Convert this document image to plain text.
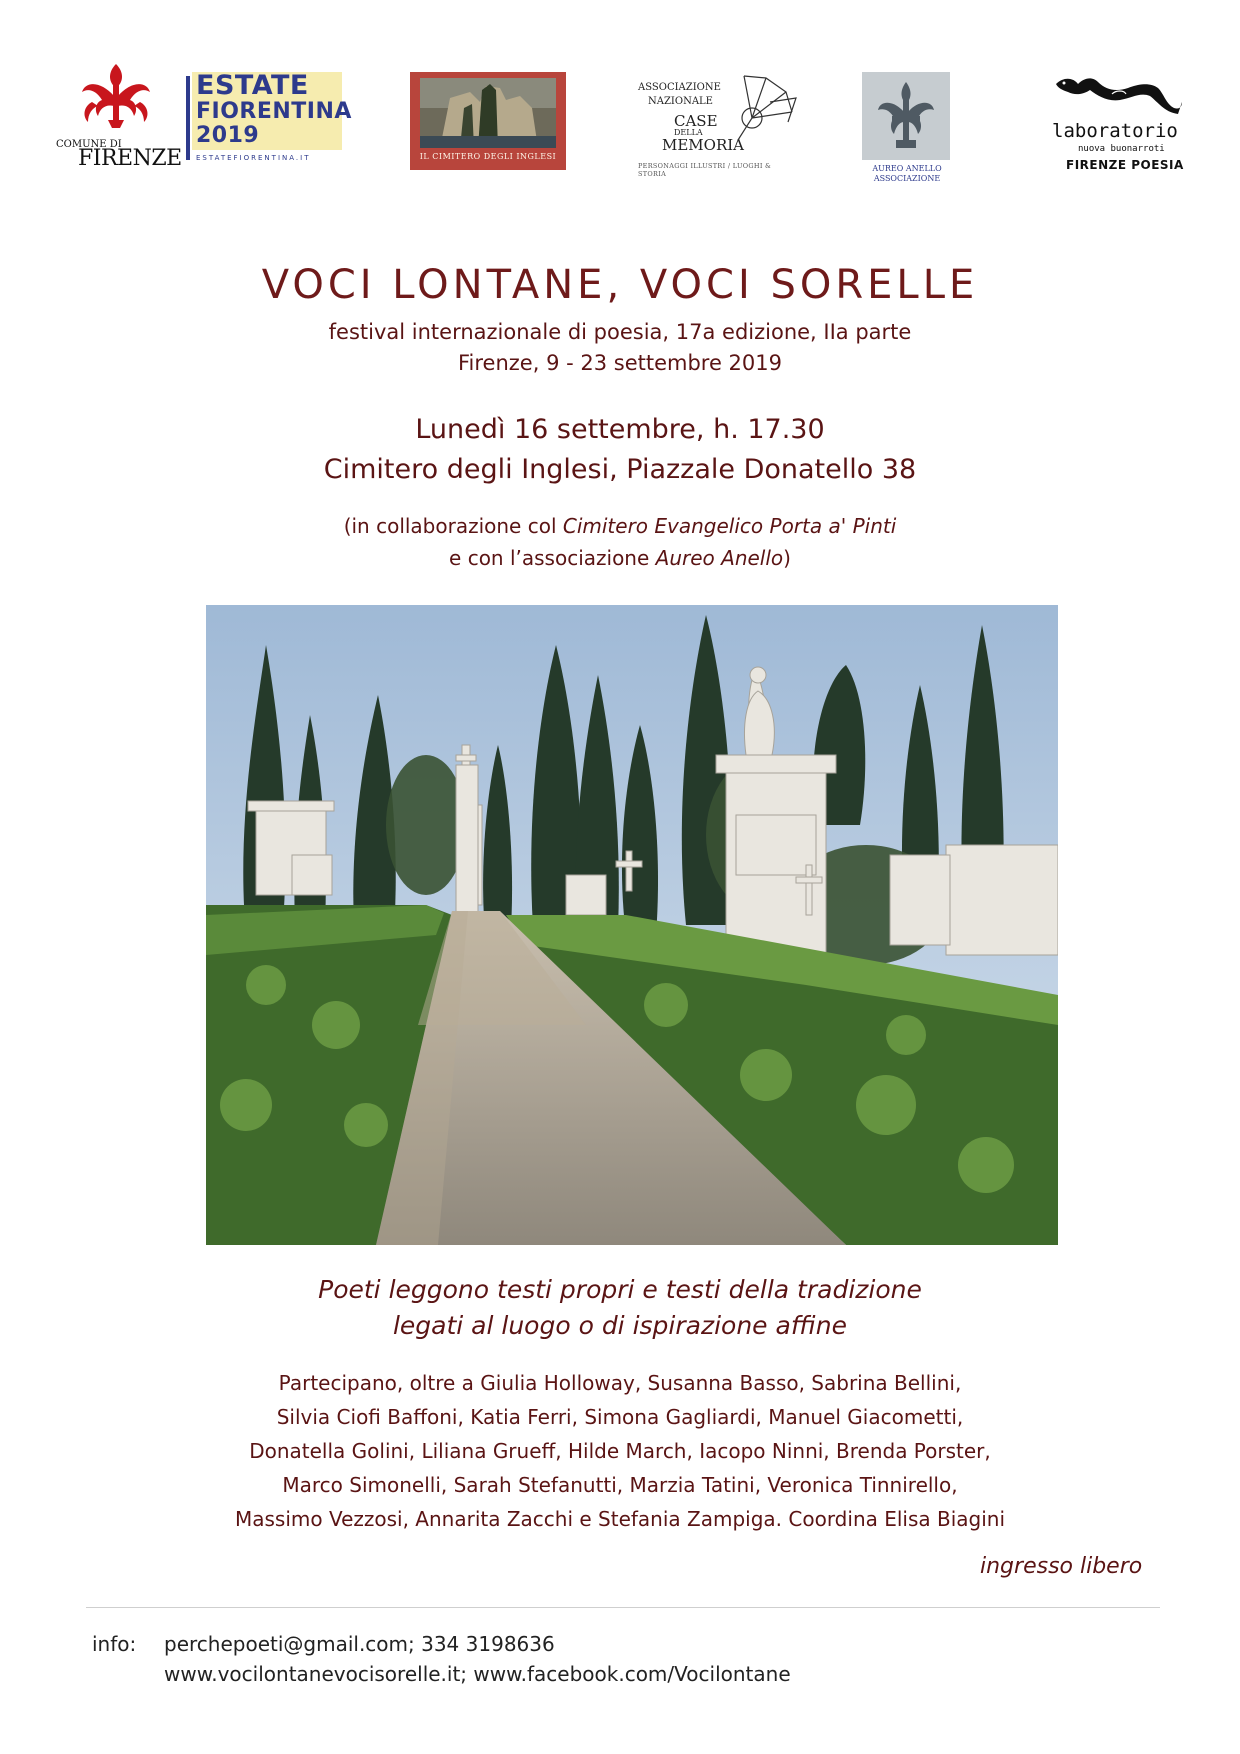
COMUNE DI
FIRENZE
ESTATE
FIORENTINA
2019
ESTATEFIORENTINA.IT	IL CIMITERO DEGLI INGLESI
ASSOCIAZIONE
NAZIONALE
CASE
DELLA
MEMORIA
PERSONAGGI ILLUSTRI / LUOGHI & STORIA
AUREO ANELLO
ASSOCIAZIONE
laboratorio
nuova buonarroti
FIRENZE POESIA
VOCI LONTANE, VOCI SORELLE
festival internazionale di poesia, 17a edizione, IIa parte
Firenze, 9 - 23 settembre 2019
Lunedì 16 settembre, h. 17.30
Cimitero degli Inglesi, Piazzale Donatello 38
(in collaborazione col Cimitero Evangelico Porta a' Pinti
e con l’associazione Aureo Anello)
Poeti leggono testi propri e testi della tradizione
legati al luogo o di ispirazione affine
Partecipano, oltre a Giulia Holloway, Susanna Basso, Sabrina Bellini,
Silvia Ciofi Baffoni, Katia Ferri, Simona Gagliardi, Manuel Giacometti,
Donatella Golini, Liliana Grueff, Hilde March, Iacopo Ninni, Brenda Porster,
Marco Simonelli, Sarah Stefanutti, Marzia Tatini, Veronica Tinnirello,
Massimo Vezzosi, Annarita Zacchi e Stefania Zampiga. Coordina Elisa Biagini
ingresso libero
info: perchepoeti@gmail.com; 334 3198636
www.vocilontanevocisorelle.it; www.facebook.com/Vocilontane
